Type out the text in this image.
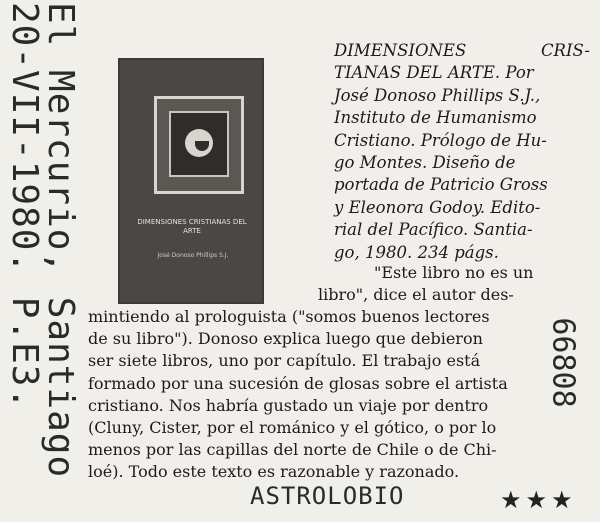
El Mercurio, Santiago
20-VII-1980. P.E3.	66808
DIMENSIONES CRISTIANAS DEL ARTE
José Donoso Phillips S.J.
DIMENSIONES	CRIS-
TIANAS DEL ARTE. Por
José Donoso Phillips S.J.,
Instituto de Humanismo
Cristiano. Prólogo de Hu-
go Montes. Diseño de
portada de Patricio Gross
y Eleonora Godoy. Edito-
rial del Pacífico. Santia-
go, 1980. 234 págs.
"Este libro no es un
libro", dice el autor des-
mintiendo al prologuista ("somos buenos lectores
de su libro"). Donoso explica luego que debieron
ser siete libros, uno por capítulo. El trabajo está
formado por una sucesión de glosas sobre el artista
cristiano. Nos habría gustado un viaje por dentro
(Cluny, Cister, por el románico y el gótico, o por lo
menos por las capillas del norte de Chile o de Chi-
loé). Todo este texto es razonable y razonado.
ASTROLOBIO	★★★
